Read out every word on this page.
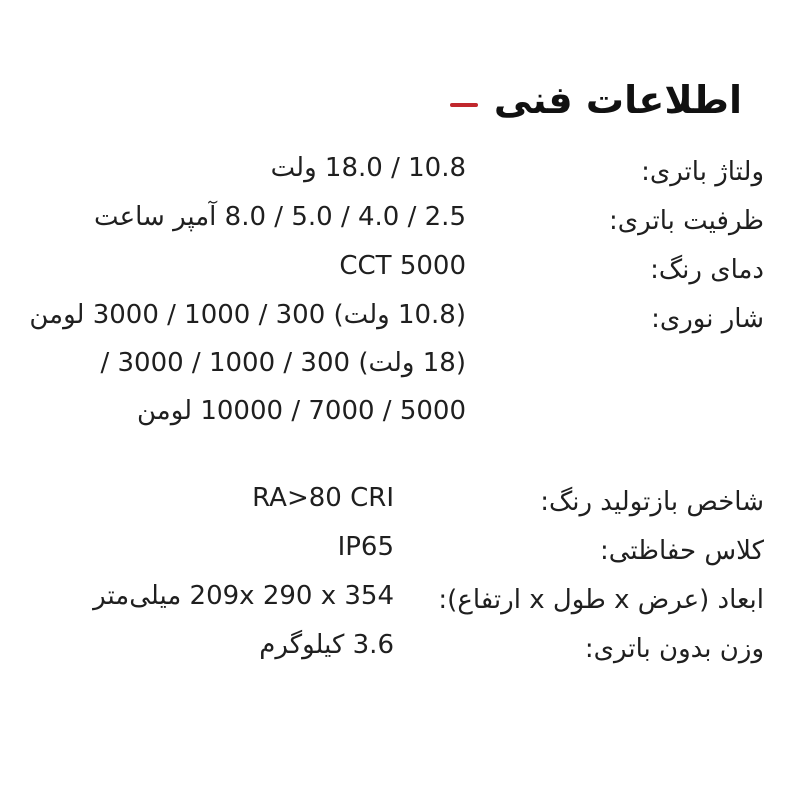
اطلاعات فنی
ولتاژ باتری:
10.8 / 18.0 ولت
ظرفیت باتری:
2.5 / 4.0 / 5.0 / 8.0 آمپر ساعت
دمای رنگ:
CCT 5000
شار نوری:
(10.8 ولت) 300 / 1000 / 3000 لومن
(18 ولت) 300 / 1000 / 3000 /
5000 / 7000 / 10000 لومن
شاخص بازتولید رنگ:
RA>80 CRI
کلاس حفاظتی:
IP65
ابعاد (عرض x طول x ارتفاع):
209x 290 x 354 میلی‌متر
وزن بدون باتری:
3.6 کیلوگرم
